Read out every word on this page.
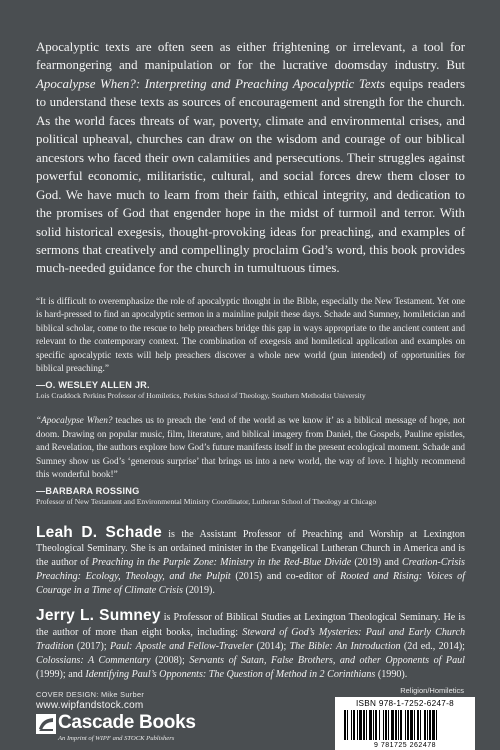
Apocalyptic texts are often seen as either frightening or irrelevant, a tool for fearmongering and manipulation or for the lucrative doomsday industry. But Apocalypse When?: Interpreting and Preaching Apocalyptic Texts equips readers to understand these texts as sources of encouragement and strength for the church. As the world faces threats of war, poverty, climate and environmental crises, and political upheaval, churches can draw on the wisdom and courage of our biblical ancestors who faced their own calamities and persecutions. Their struggles against powerful economic, militaristic, cultural, and social forces drew them closer to God. We have much to learn from their faith, ethical integrity, and dedication to the promises of God that engender hope in the midst of turmoil and terror. With solid historical exegesis, thought-provoking ideas for preaching, and examples of sermons that creatively and compellingly proclaim God’s word, this book provides much-needed guidance for the church in tumultuous times.

“It is difficult to overemphasize the role of apocalyptic thought in the Bible, especially the New Testament. Yet one is hard-pressed to find an apocalyptic sermon in a mainline pulpit these days. Schade and Sumney, homiletician and biblical scholar, come to the rescue to help preachers bridge this gap in ways appropriate to the ancient content and relevant to the contemporary context. The combination of exegesis and homiletical application and examples on specific apocalyptic texts will help preachers discover a whole new world (pun intended) of opportunities for biblical preaching.”

—O. WESLEY ALLEN JR.

Lois Craddock Perkins Professor of Homiletics, Perkins School of Theology, Southern Methodist University

“Apocalypse When? teaches us to preach the ‘end of the world as we know it’ as a biblical message of hope, not doom. Drawing on popular music, film, literature, and biblical imagery from Daniel, the Gospels, Pauline epistles, and Revelation, the authors explore how God’s future manifests itself in the present ecological moment. Schade and Sumney show us God’s ‘generous surprise’ that brings us into a new world, the way of love. I highly recommend this wonderful book!”

—BARBARA ROSSING

Professor of New Testament and Environmental Ministry Coordinator, Lutheran School of Theology at Chicago

Leah D. Schade is the Assistant Professor of Preaching and Worship at Lexington Theological Seminary. She is an ordained minister in the Evangelical Lutheran Church in America and is the author of Preaching in the Purple Zone: Ministry in the Red-Blue Divide (2019) and Creation-Crisis Preaching: Ecology, Theology, and the Pulpit (2015) and co-editor of Rooted and Rising: Voices of Courage in a Time of Climate Crisis (2019).

Jerry L. Sumney is Professor of Biblical Studies at Lexington Theological Seminary. He is the author of more than eight books, including: Steward of God’s Mysteries: Paul and Early Church Tradition (2017); Paul: Apostle and Fellow-Traveler (2014); The Bible: An Introduction (2d ed., 2014); Colossians: A Commentary (2008); Servants of Satan, False Brothers, and other Opponents of Paul (1999); and Identifying Paul’s Opponents: The Question of Method in 2 Corinthians (1990).

Religion/Homiletics
COVER DESIGN: Mike Surber
www.wipfandstock.com
Cascade Books
An Imprint of WIPF and STOCK Publishers
ISBN 978-1-7252-6247-8
9 781725 262478
